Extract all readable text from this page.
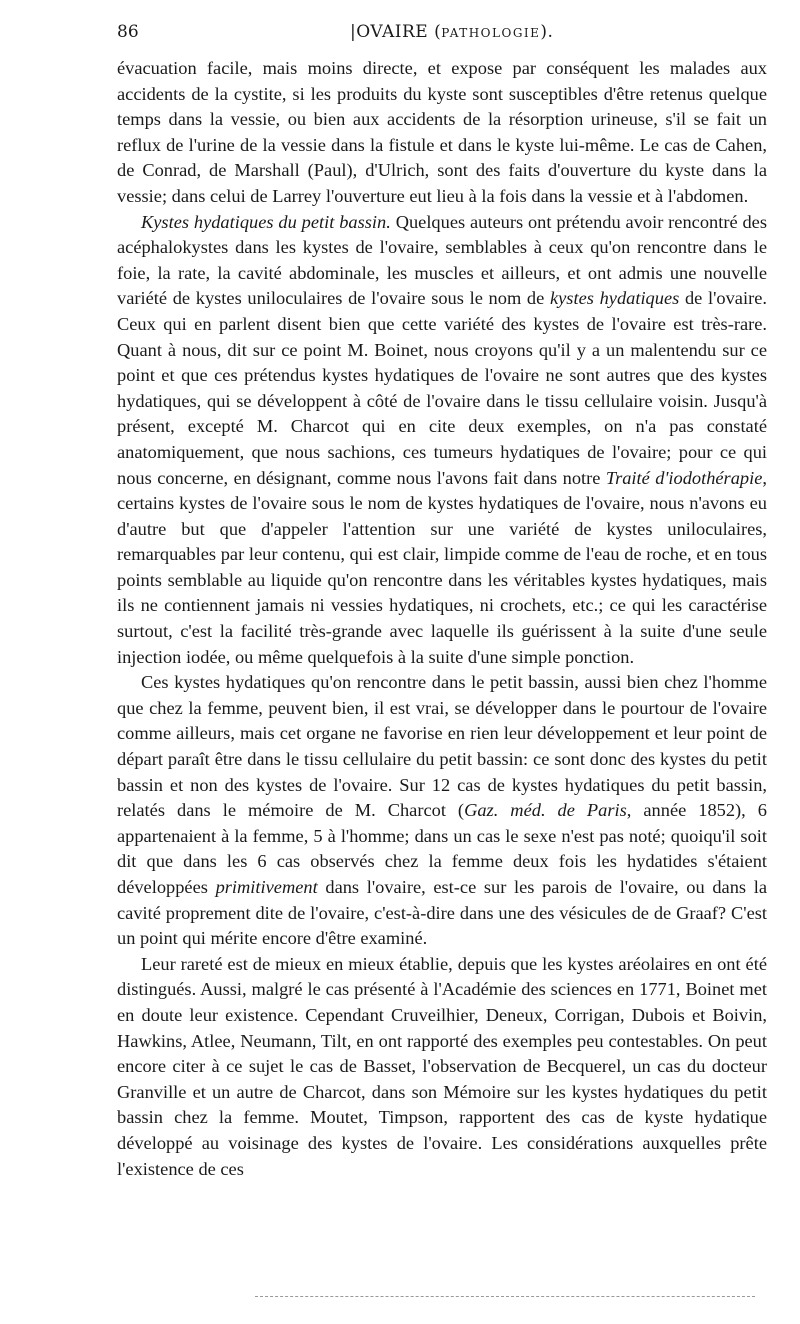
86	|OVAIRE (PATHOLOGIE).

évacuation facile, mais moins directe, et expose par conséquent les malades aux accidents de la cystite, si les produits du kyste sont susceptibles d'être retenus quelque temps dans la vessie, ou bien aux accidents de la résorption urineuse, s'il se fait un reflux de l'urine de la vessie dans la fistule et dans le kyste lui-même. Le cas de Cahen, de Conrad, de Marshall (Paul), d'Ulrich, sont des faits d'ouverture du kyste dans la vessie; dans celui de Larrey l'ouverture eut lieu à la fois dans la vessie et à l'abdomen.

Kystes hydatiques du petit bassin. Quelques auteurs ont prétendu avoir rencontré des acéphalokystes dans les kystes de l'ovaire, semblables à ceux qu'on rencontre dans le foie, la rate, la cavité abdominale, les muscles et ailleurs, et ont admis une nouvelle variété de kystes uniloculaires de l'ovaire sous le nom de kystes hydatiques de l'ovaire. Ceux qui en parlent disent bien que cette variété des kystes de l'ovaire est très-rare. Quant à nous, dit sur ce point M. Boinet, nous croyons qu'il y a un malentendu sur ce point et que ces prétendus kystes hydatiques de l'ovaire ne sont autres que des kystes hydatiques, qui se développent à côté de l'ovaire dans le tissu cellulaire voisin. Jusqu'à présent, excepté M. Charcot qui en cite deux exemples, on n'a pas constaté anatomiquement, que nous sachions, ces tumeurs hydatiques de l'ovaire; pour ce qui nous concerne, en désignant, comme nous l'avons fait dans notre Traité d'iodothérapie, certains kystes de l'ovaire sous le nom de kystes hydatiques de l'ovaire, nous n'avons eu d'autre but que d'appeler l'attention sur une variété de kystes uniloculaires, remarquables par leur contenu, qui est clair, limpide comme de l'eau de roche, et en tous points semblable au liquide qu'on rencontre dans les véritables kystes hydatiques, mais ils ne contiennent jamais ni vessies hydatiques, ni crochets, etc.; ce qui les caractérise surtout, c'est la facilité très-grande avec laquelle ils guérissent à la suite d'une seule injection iodée, ou même quelquefois à la suite d'une simple ponction.

Ces kystes hydatiques qu'on rencontre dans le petit bassin, aussi bien chez l'homme que chez la femme, peuvent bien, il est vrai, se développer dans le pourtour de l'ovaire comme ailleurs, mais cet organe ne favorise en rien leur développement et leur point de départ paraît être dans le tissu cellulaire du petit bassin: ce sont donc des kystes du petit bassin et non des kystes de l'ovaire. Sur 12 cas de kystes hydatiques du petit bassin, relatés dans le mémoire de M. Charcot (Gaz. méd. de Paris, année 1852), 6 appartenaient à la femme, 5 à l'homme; dans un cas le sexe n'est pas noté; quoiqu'il soit dit que dans les 6 cas observés chez la femme deux fois les hydatides s'étaient développées primitivement dans l'ovaire, est-ce sur les parois de l'ovaire, ou dans la cavité proprement dite de l'ovaire, c'est-à-dire dans une des vésicules de de Graaf? C'est un point qui mérite encore d'être examiné.

Leur rareté est de mieux en mieux établie, depuis que les kystes aréolaires en ont été distingués. Aussi, malgré le cas présenté à l'Académie des sciences en 1771, Boinet met en doute leur existence. Cependant Cruveilhier, Deneux, Corrigan, Dubois et Boivin, Hawkins, Atlee, Neumann, Tilt, en ont rapporté des exemples peu contestables. On peut encore citer à ce sujet le cas de Basset, l'observation de Becquerel, un cas du docteur Granville et un autre de Charcot, dans son Mémoire sur les kystes hydatiques du petit bassin chez la femme. Moutet, Timpson, rapportent des cas de kyste hydatique développé au voisinage des kystes de l'ovaire. Les considérations auxquelles prête l'existence de ces
